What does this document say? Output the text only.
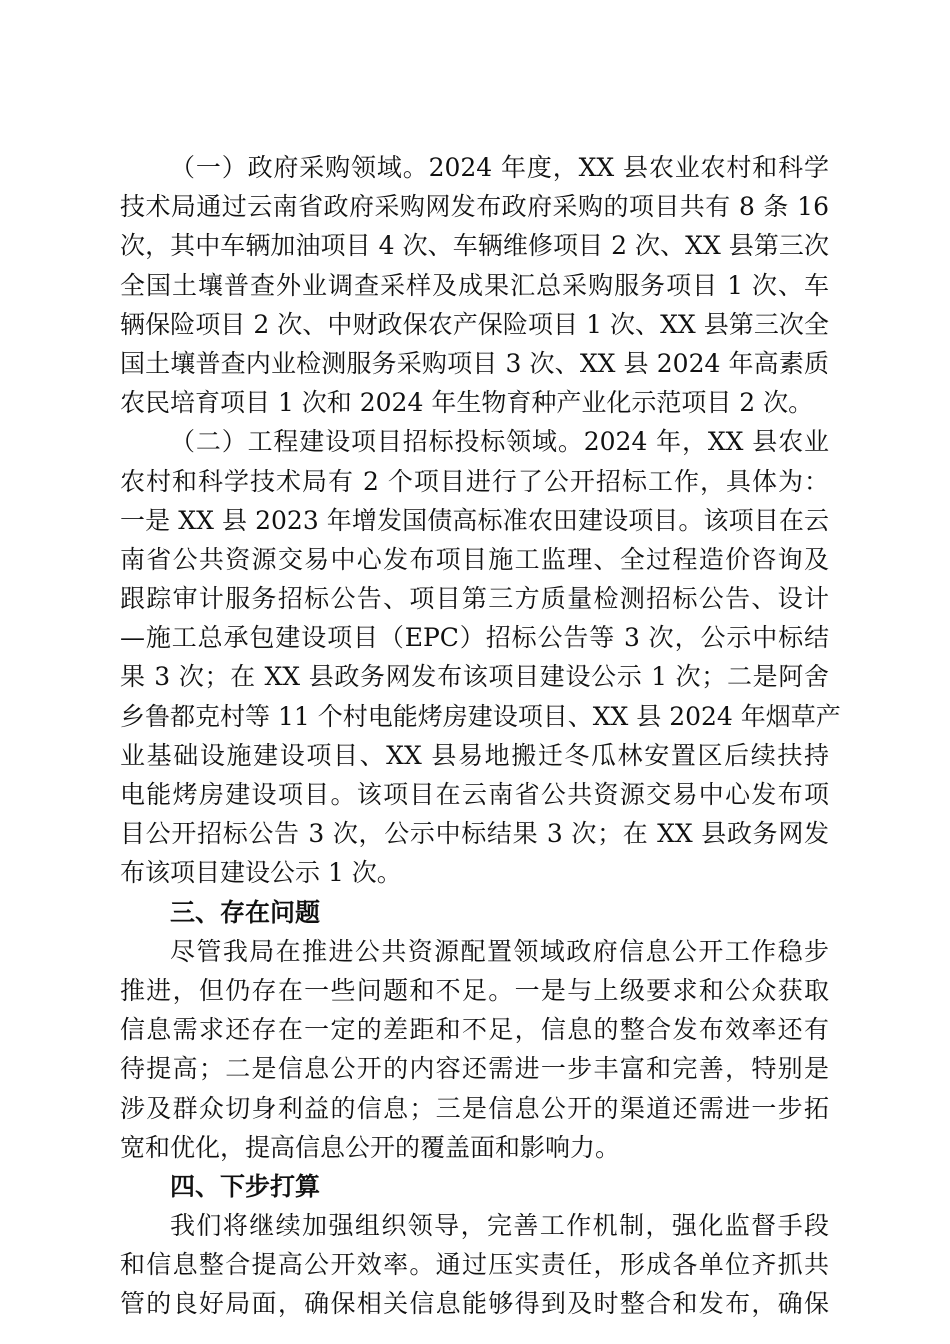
（一）政府采购领域。2024 年度，XX 县农业农村和科学
技术局通过云南省政府采购网发布政府采购的项目共有 8 条 16
次，其中车辆加油项目 4 次、车辆维修项目 2 次、XX 县第三次
全国土壤普查外业调查采样及成果汇总采购服务项目 1 次、车
辆保险项目 2 次、中财政保农产保险项目 1 次、XX 县第三次全
国土壤普查内业检测服务采购项目 3 次、XX 县 2024 年高素质
农民培育项目 1 次和 2024 年生物育种产业化示范项目 2 次。
（二）工程建设项目招标投标领域。2024 年，XX 县农业
农村和科学技术局有 2 个项目进行了公开招标工作，具体为：
一是 XX 县 2023 年增发国债高标准农田建设项目。该项目在云
南省公共资源交易中心发布项目施工监理、全过程造价咨询及
跟踪审计服务招标公告、项目第三方质量检测招标公告、设计
—施工总承包建设项目（EPC）招标公告等 3 次，公示中标结
果 3 次；在 XX 县政务网发布该项目建设公示 1 次；二是阿舍
乡鲁都克村等 11 个村电能烤房建设项目、XX 县 2024 年烟草产
业基础设施建设项目、XX 县易地搬迁冬瓜林安置区后续扶持
电能烤房建设项目。该项目在云南省公共资源交易中心发布项
目公开招标公告 3 次，公示中标结果 3 次；在 XX 县政务网发
布该项目建设公示 1 次。
三、存在问题
尽管我局在推进公共资源配置领域政府信息公开工作稳步
推进，但仍存在一些问题和不足。一是与上级要求和公众获取
信息需求还存在一定的差距和不足，信息的整合发布效率还有
待提高；二是信息公开的内容还需进一步丰富和完善，特别是
涉及群众切身利益的信息；三是信息公开的渠道还需进一步拓
宽和优化，提高信息公开的覆盖面和影响力。
四、下步打算
我们将继续加强组织领导，完善工作机制，强化监督手段
和信息整合提高公开效率。通过压实责任，形成各单位齐抓共
管的良好局面，确保相关信息能够得到及时整合和发布，确保
